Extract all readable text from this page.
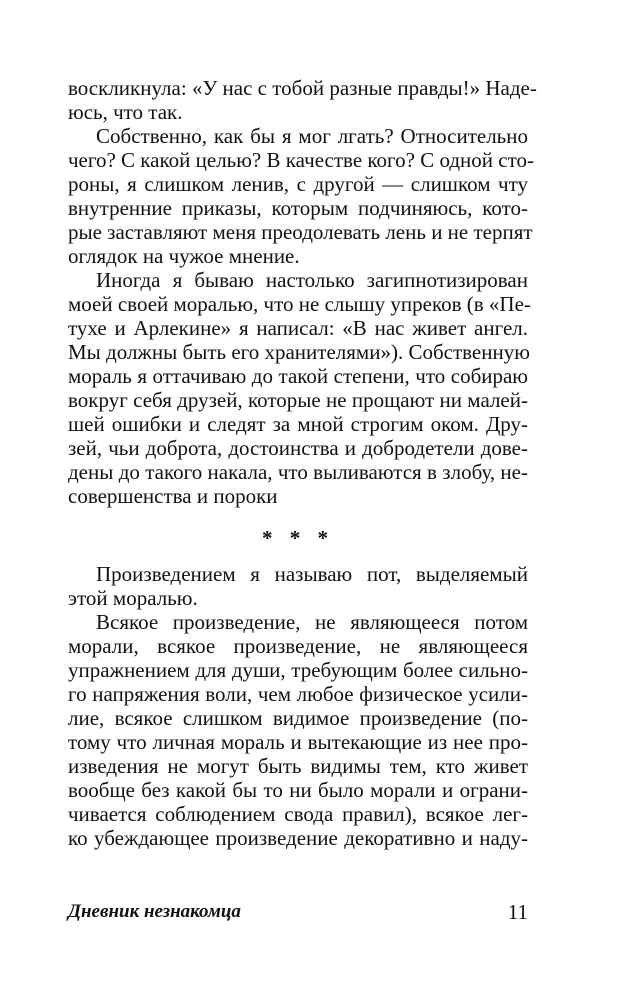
воскликнула: «У нас с тобой разные правды!» Наде-
юсь, что так.
Собственно, как бы я мог лгать? Относительно
чего? С какой целью? В качестве кого? С одной сто-
роны, я слишком ленив, с другой — слишком чту
внутренние приказы, которым подчиняюсь, кото-
рые заставляют меня преодолевать лень и не терпят
оглядок на чужое мнение.
Иногда я бываю настолько загипнотизирован
моей своей моралью, что не слышу упреков (в «Пе-
тухе и Арлекине» я написал: «В нас живет ангел.
Мы должны быть его хранителями»). Собственную
мораль я оттачиваю до такой степени, что собираю
вокруг себя друзей, которые не прощают ни малей-
шей ошибки и следят за мной строгим оком. Дру-
зей, чьи доброта, достоинства и добродетели дове-
дены до такого накала, что выливаются в злобу, не-
совершенства и пороки
* * *
Произведением я называю пот, выделяемый
этой моралью.
Всякое произведение, не являющееся потом
морали, всякое произведение, не являющееся
упражнением для души, требующим более сильно-
го напряжения воли, чем любое физическое усили-
лие, всякое слишком видимое произведение (по-
тому что личная мораль и вытекающие из нее про-
изведения не могут быть видимы тем, кто живет
вообще без какой бы то ни было морали и ограни-
чивается соблюдением свода правил), всякое лег-
ко убеждающее произведение декоративно и наду-
Дневник незнакомца	11
